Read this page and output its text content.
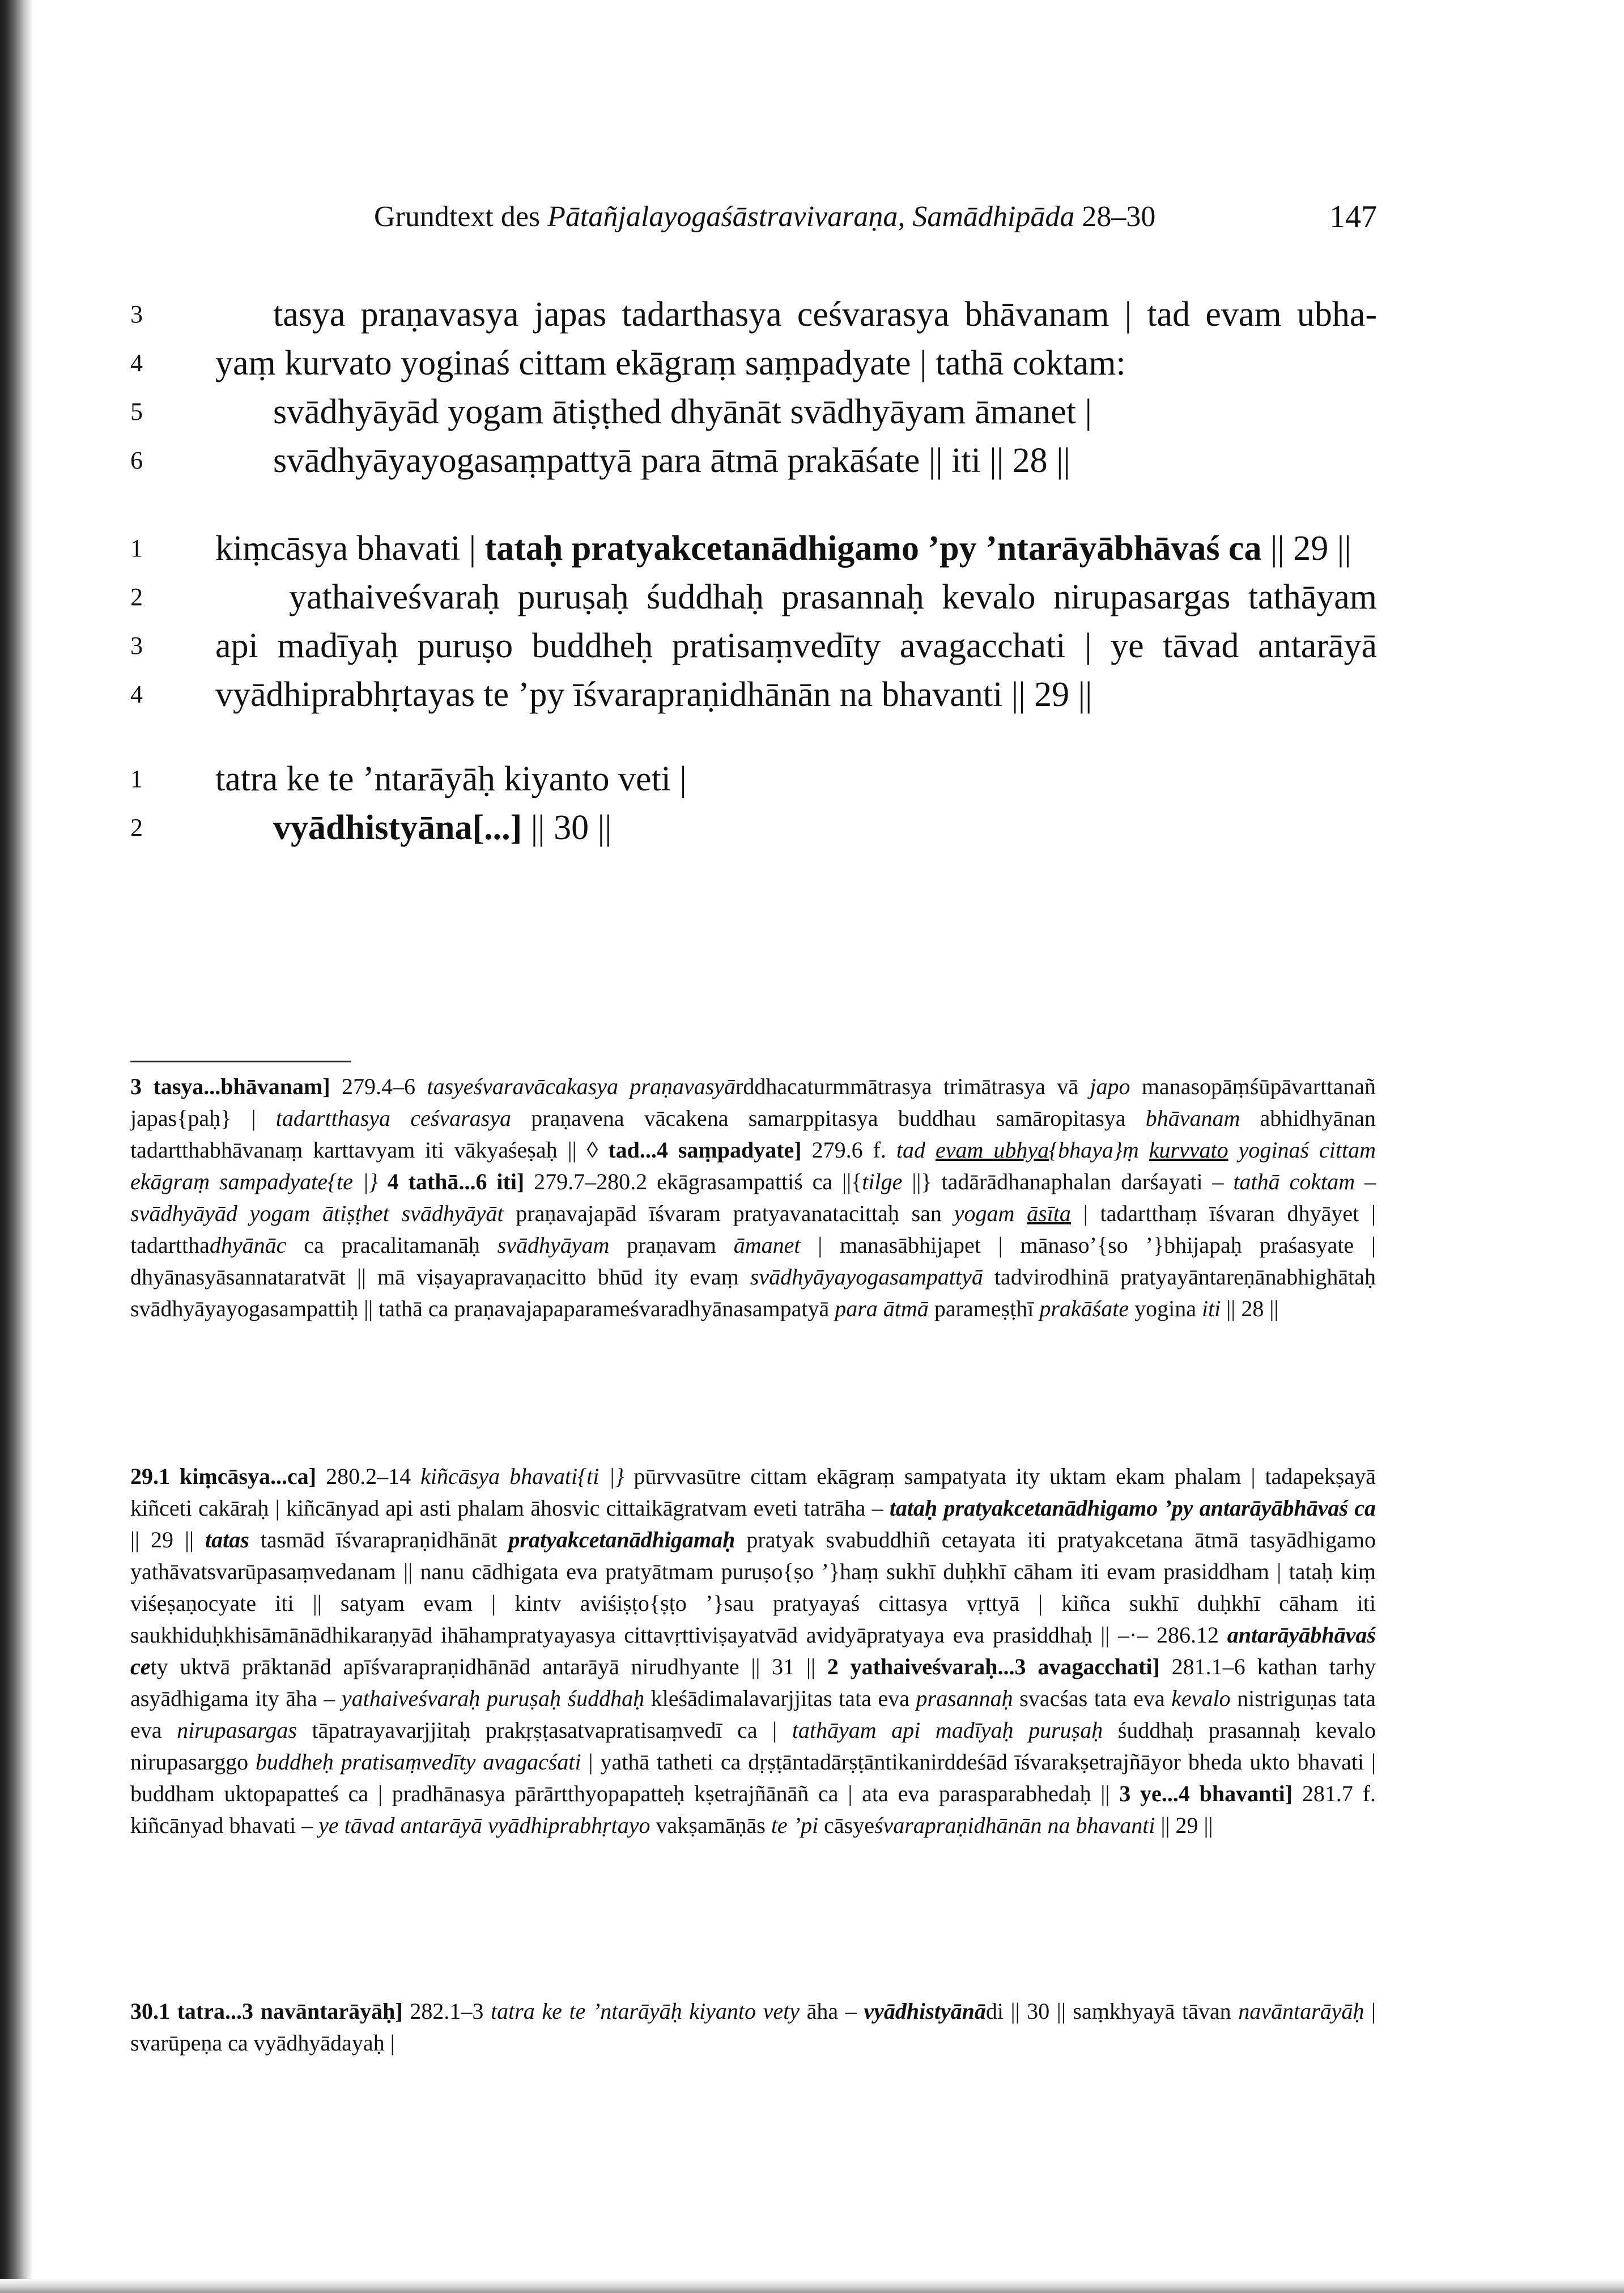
Grundtext des Pātañjalayogaśāstravivaraṇa, Samādhipāda 28–30	147
3	tasya praṇavasya japas tadarthasya ceśvarasya bhāvanam | tad evam ubha-
4 yaṃ kurvato yoginaś cittam ekāgraṃ saṃpadyate | tathā coktam:
5	svādhyāyād yogam ātiṣṭhed dhyānāt svādhyāyam āmanet |
6	svādhyāyayogasaṃpattyā para ātmā prakāśate || iti || 28 ||
1 kiṃcāsya bhavati | tataḥ pratyakcetanādhigamo ’py ’ntarāyābhāvaś ca || 29 ||
2	yathaiveśvaraḥ puruṣaḥ śuddhaḥ prasannaḥ kevalo nirupasargas tathāyam
3 api madīyaḥ puruṣo buddheḥ pratisaṃvedīty avagacchati | ye tāvad antarāyā
4 vyādhiprabhṛtayas te ’py īśvarapraṇidhānān na bhavanti || 29 ||
1 tatra ke te ’ntarāyāḥ kiyanto veti |
2	vyādhistyāna[...] || 30 ||

3 tasya...bhāvanam] 279.4–6 tasyeśvaravācakasya praṇavasyārddhacaturmmātrasya trimātrasya vā japo manasopāṃśūpāvarttanañ japas{paḥ} | tadartthasya ceśvarasya praṇavena vācakena samarppitasya buddhau samāropitasya bhāvanam abhidhyānan tadartthabhāvanaṃ karttavyam iti vākyaśeṣaḥ || ◊ tad...4 saṃpadyate] 279.6 f. tad evam ubhya{bhaya}ṃ kurvvato yoginaś cittam ekāgraṃ sampadyate{te |} 4 tathā...6 iti] 279.7–280.2 ekāgrasampattiś ca ||{tilge ||} tadārādhanaphalan darśayati – tathā coktam – svādhyāyād yogam ātiṣṭhet svādhyāyāt praṇavajapād īśvaram pratyavanatacittaḥ san yogam āsīta | tadartthaṃ īśvaran dhyāyet | tadartthadhyānāc ca pracalitamanāḥ svādhyāyam praṇavam āmanet | manasābhijapet | mānaso’{so ’}bhijapaḥ praśasyate | dhyānasyāsannataratvāt || mā viṣayapravaṇacitto bhūd ity evaṃ svādhyāyayogasampattyā tadvirodhinā pratyayāntareṇānabhighātaḥ svādhyāyayogasampattiḥ || tathā ca praṇavajapaparameśvaradhyānasampatyā para ātmā parameṣṭhī prakāśate yogina iti || 28 ||

29.1 kiṃcāsya...ca] 280.2–14 kiñcāsya bhavati{ti |} pūrvvasūtre cittam ekāgraṃ sampatyata ity uktam ekam phalam | tadapekṣayā kiñceti cakāraḥ | kiñcānyad api asti phalam āhosvic cittaikāgratvam eveti tatrāha – tataḥ pratyakcetanādhigamo ’py antarāyābhāvaś ca || 29 || tatas tasmād īśvarapraṇidhānāt pratyakcetanādhigamaḥ pratyak svabuddhiñ cetayata iti pratyakcetana ātmā tasyādhigamo yathāvatsvarūpasaṃvedanam || nanu cādhigata eva pratyātmam puruṣo{ṣo ’}haṃ sukhī duḥkhī cāham iti evam prasiddham | tataḥ kiṃ viśeṣaṇocyate iti || satyam evam | kintv aviśiṣṭo{ṣṭo ’}sau pratyayaś cittasya vṛttyā | kiñca sukhī duḥkhī cāham iti saukhiduḥkhisāmānādhikaraṇyād ihāhampratyayasya cittavṛttiviṣayatvād avidyāpratyaya eva prasiddhaḥ || –·– 286.12 antarāyābhāvaś cety uktvā prāktanād apīśvarapraṇidhānād antarāyā nirudhyante || 31 || 2 yathaiveśvaraḥ...3 avagacchati] 281.1–6 kathan tarhy asyādhigama ity āha – yathaiveśvaraḥ puruṣaḥ śuddhaḥ kleśādimalavarjjitas tata eva prasannaḥ svacśas tata eva kevalo nistriguṇas tata eva nirupasargas tāpatrayavarjjitaḥ prakṛṣṭasatvapratisaṃvedī ca | tathāyam api madīyaḥ puruṣaḥ śuddhaḥ prasannaḥ kevalo nirupasarggo buddheḥ pratisaṃvedīty avagacśati | yathā tatheti ca dṛṣṭāntadārṣṭāntikanirddeśād īśvarakṣetrajñāyor bheda ukto bhavati | buddham uktopapatteś ca | pradhānasya pārārtthyopapatteḥ kṣetrajñānāñ ca | ata eva parasparabhedaḥ || 3 ye...4 bhavanti] 281.7 f. kiñcānyad bhavati – ye tāvad antarāyā vyādhiprabhṛtayo vakṣamāṇās te ’pi cāsyeśvarapraṇidhānān na bhavanti || 29 ||

30.1 tatra...3 navāntarāyāḥ] 282.1–3 tatra ke te ’ntarāyāḥ kiyanto vety āha – vyādhistyānādi || 30 || saṃkhyayā tāvan navāntarāyāḥ | svarūpeṇa ca vyādhyādayaḥ |
